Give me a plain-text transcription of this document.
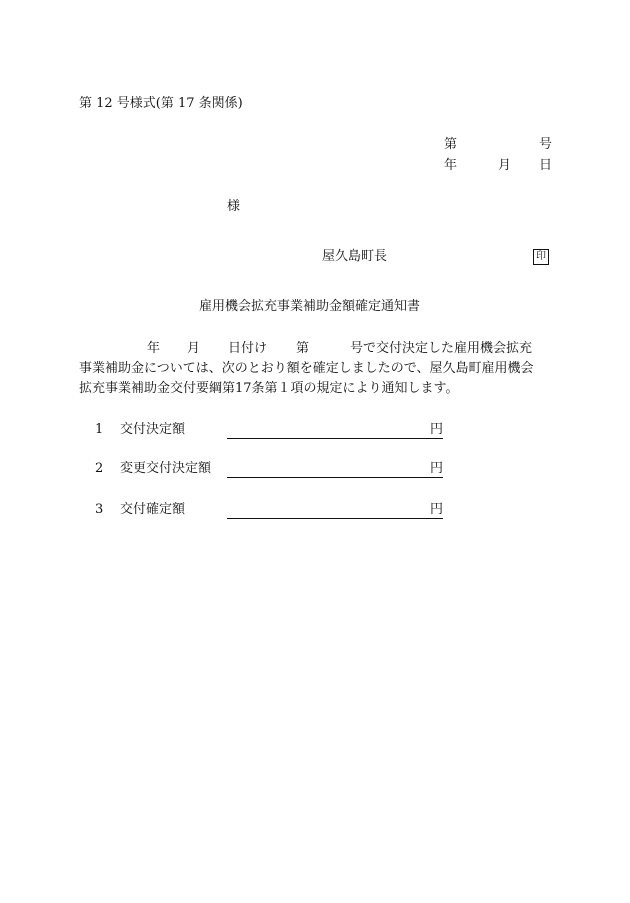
第 12 号様式(第 17 条関係)
第	号
年	月 日
様
屋久島町長	印
雇用機会拡充事業補助金額確定通知書
年 月 日付け 第	号で交付決定した雇用機会拡充
事業補助金については、次のとおり額を確定しましたので、屋久島町雇用機会
拡充事業補助金交付要綱第17条第１項の規定により通知します。
1 交付決定額	円
2 変更交付決定額	円
3 交付確定額	円
